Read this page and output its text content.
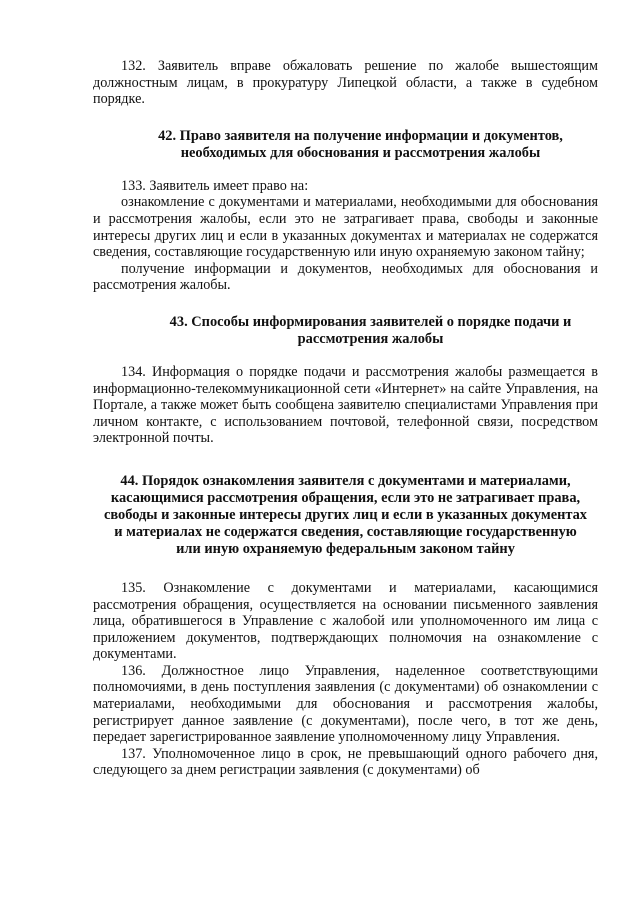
132. Заявитель вправе обжаловать решение по жалобе вышестоящим должностным лицам, в прокуратуру Липецкой области, а также в судебном порядке.

42. Право заявителя на получение информации и документов, необходимых для обоснования и рассмотрения жалобы

133. Заявитель имеет право на:

ознакомление с документами и материалами, необходимыми для обоснования и рассмотрения жалобы, если это не затрагивает права, свободы и законные интересы других лиц и если в указанных документах и материалах не содержатся сведения, составляющие государственную или иную охраняемую законом тайну;

получение информации и документов, необходимых для обоснования и рассмотрения жалобы.

43. Способы информирования заявителей о порядке подачи и рассмотрения жалобы

134. Информация о порядке подачи и рассмотрения жалобы размещается в информационно-телекоммуникационной сети «Интернет» на сайте Управления, на Портале, а также может быть сообщена заявителю специалистами Управления при личном контакте, с использованием почтовой, телефонной связи, посредством электронной почты.

44. Порядок ознакомления заявителя с документами и материалами, касающимися рассмотрения обращения, если это не затрагивает права, свободы и законные интересы других лиц и если в указанных документах и материалах не содержатся сведения, составляющие государственную или иную охраняемую федеральным законом тайну

135. Ознакомление с документами и материалами, касающимися рассмотрения обращения, осуществляется на основании письменного заявления лица, обратившегося в Управление с жалобой или уполномоченного им лица с приложением документов, подтверждающих полномочия на ознакомление с документами.

136. Должностное лицо Управления, наделенное соответствующими полномочиями, в день поступления заявления (с документами) об ознакомлении с материалами, необходимыми для обоснования и рассмотрения жалобы, регистрирует данное заявление (с документами), после чего, в тот же день, передает зарегистрированное заявление уполномоченному лицу Управления.

137. Уполномоченное лицо в срок, не превышающий одного рабочего дня, следующего за днем регистрации заявления (с документами) об
